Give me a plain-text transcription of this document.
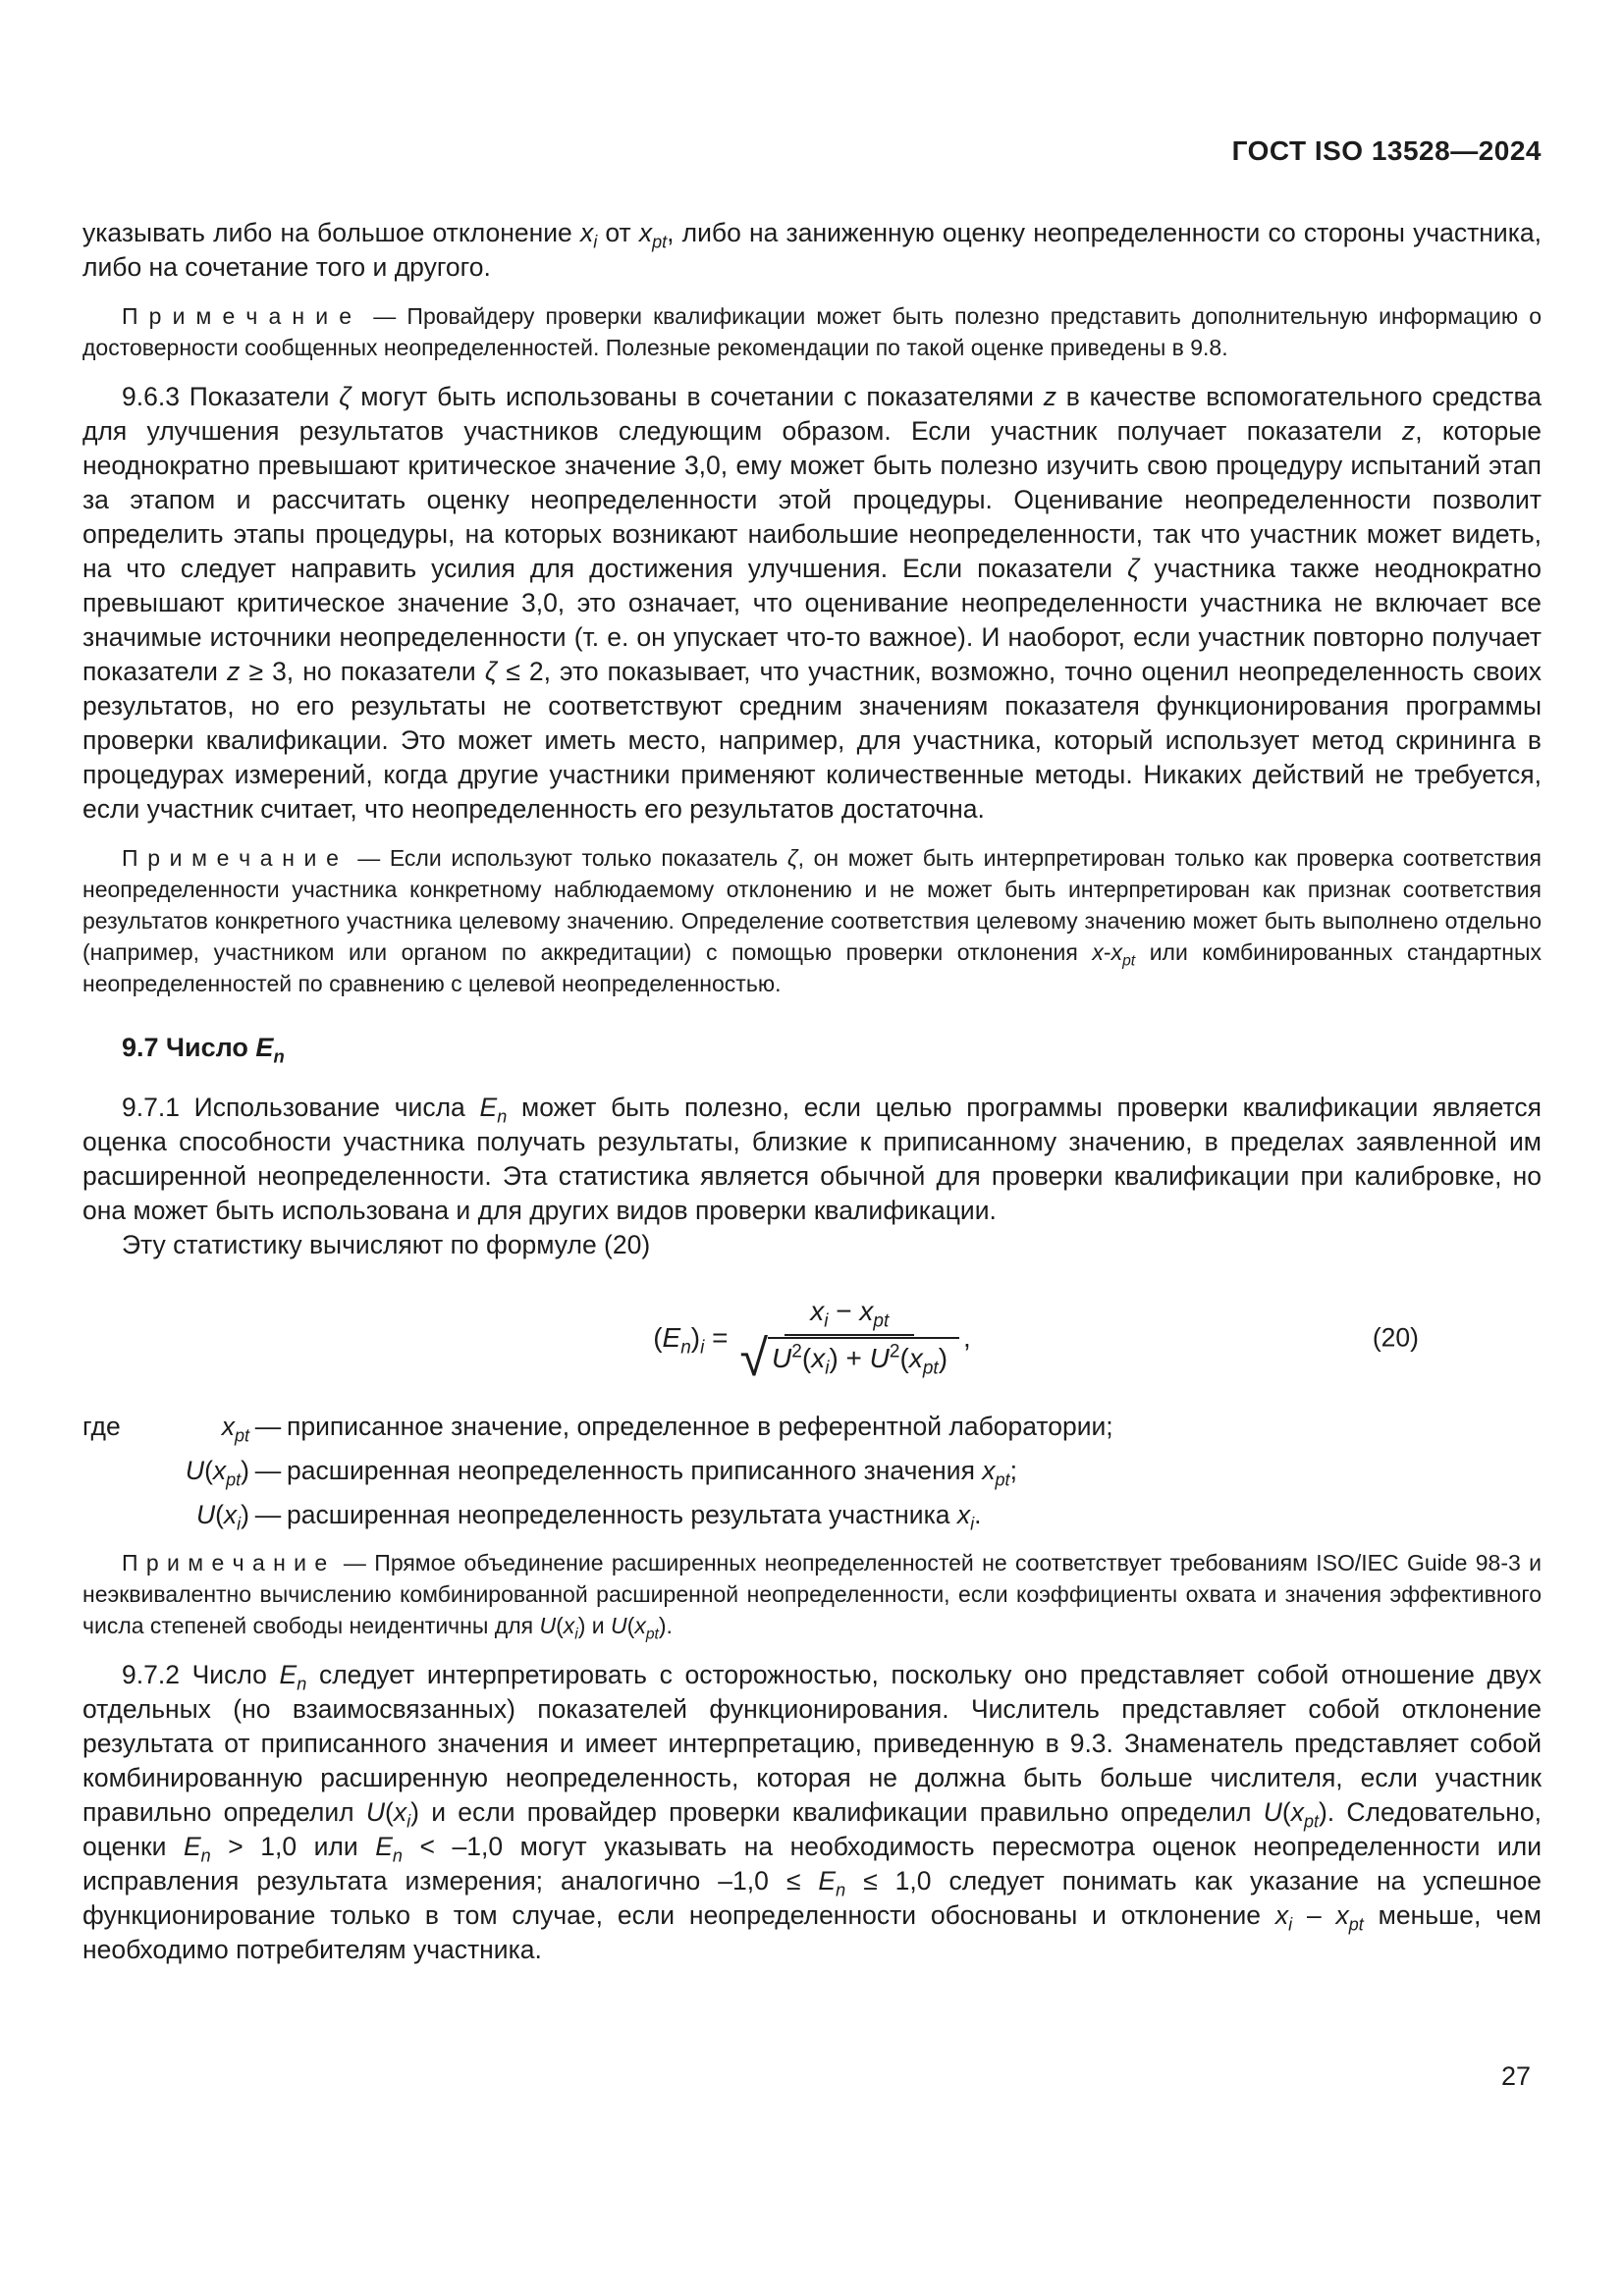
ГОСТ ISO 13528—2024

указывать либо на большое отклонение $x_i$ от $x_{pt}$, либо на заниженную оценку неопределенности со стороны участника, либо на сочетание того и другого.

П р и м е ч а н и е  — Провайдеру проверки квалификации может быть полезно представить дополнительную информацию о достоверности сообщенных неопределенностей. Полезные рекомендации по такой оценке приведены в 9.8.

9.6.3 Показатели ζ могут быть использованы в сочетании с показателями z в качестве вспомогательного средства для улучшения результатов участников следующим образом. Если участник получает показатели z, которые неоднократно превышают критическое значение 3,0, ему может быть полезно изучить свою процедуру испытаний этап за этапом и рассчитать оценку неопределенности этой процедуры. Оценивание неопределенности позволит определить этапы процедуры, на которых возникают наибольшие неопределенности, так что участник может видеть, на что следует направить усилия для достижения улучшения. Если показатели ζ участника также неоднократно превышают критическое значение 3,0, это означает, что оценивание неопределенности участника не включает все значимые источники неопределенности (т. е. он упускает что-то важное). И наоборот, если участник повторно получает показатели z ≥ 3, но показатели ζ ≤ 2, это показывает, что участник, возможно, точно оценил неопределенность своих результатов, но его результаты не соответствуют средним значениям показателя функционирования программы проверки квалификации. Это может иметь место, например, для участника, который использует метод скрининга в процедурах измерений, когда другие участники применяют количественные методы. Никаких действий не требуется, если участник считает, что неопределенность его результатов достаточна.

П р и м е ч а н и е  — Если используют только показатель ζ, он может быть интерпретирован только как проверка соответствия неопределенности участника конкретному наблюдаемому отклонению и не может быть интерпретирован как признак соответствия результатов конкретного участника целевому значению. Определение соответствия целевому значению может быть выполнено отдельно (например, участником или органом по аккредитации) с помощью проверки отклонения $x-x_{pt}$ или комбинированных стандартных неопределенностей по сравнению с целевой неопределенностью.

9.7 Число $E_n$

9.7.1 Использование числа $E_n$ может быть полезно, если целью программы проверки квалификации является оценка способности участника получать результаты, близкие к приписанному значению, в пределах заявленной им расширенной неопределенности. Эта статистика является обычной для проверки квалификации при калибровке, но она может быть использована и для других видов проверки квалификации.

Эту статистику вычисляют по формуле (20)

$(E_n)_i = \frac{x_i - x_{pt}}{√ U^2(x_i) + U^2(x_{pt})}$ ,	(20)
где	$x_{pt}$ — приписанное значение, определенное в референтной лаборатории;
$U(x_{pt})$ — расширенная неопределенность приписанного значения $x_{pt}$;
$U(x_i)$ — расширенная неопределенность результата участника $x_i$.

П р и м е ч а н и е  — Прямое объединение расширенных неопределенностей не соответствует требованиям ISO/IEC Guide 98-3 и неэквивалентно вычислению комбинированной расширенной неопределенности, если коэффициенты охвата и значения эффективного числа степеней свободы неидентичны для $U(x_i)$ и $U(x_{pt})$.

9.7.2 Число $E_n$ следует интерпретировать с осторожностью, поскольку оно представляет собой отношение двух отдельных (но взаимосвязанных) показателей функционирования. Числитель представляет собой отклонение результата от приписанного значения и имеет интерпретацию, приведенную в 9.3. Знаменатель представляет собой комбинированную расширенную неопределенность, которая не должна быть больше числителя, если участник правильно определил $U(x_i)$ и если провайдер проверки квалификации правильно определил $U(x_{pt})$. Следовательно, оценки $E_n > 1,0$ или $E_n < -1,0$ могут указывать на необходимость пересмотра оценок неопределенности или исправления результата измерения; аналогично $-1,0 \le E_n \le 1,0$ следует понимать как указание на успешное функционирование только в том случае, если неопределенности обоснованы и отклонение $x_i - x_{pt}$ меньше, чем необходимо потребителям участника.

27
